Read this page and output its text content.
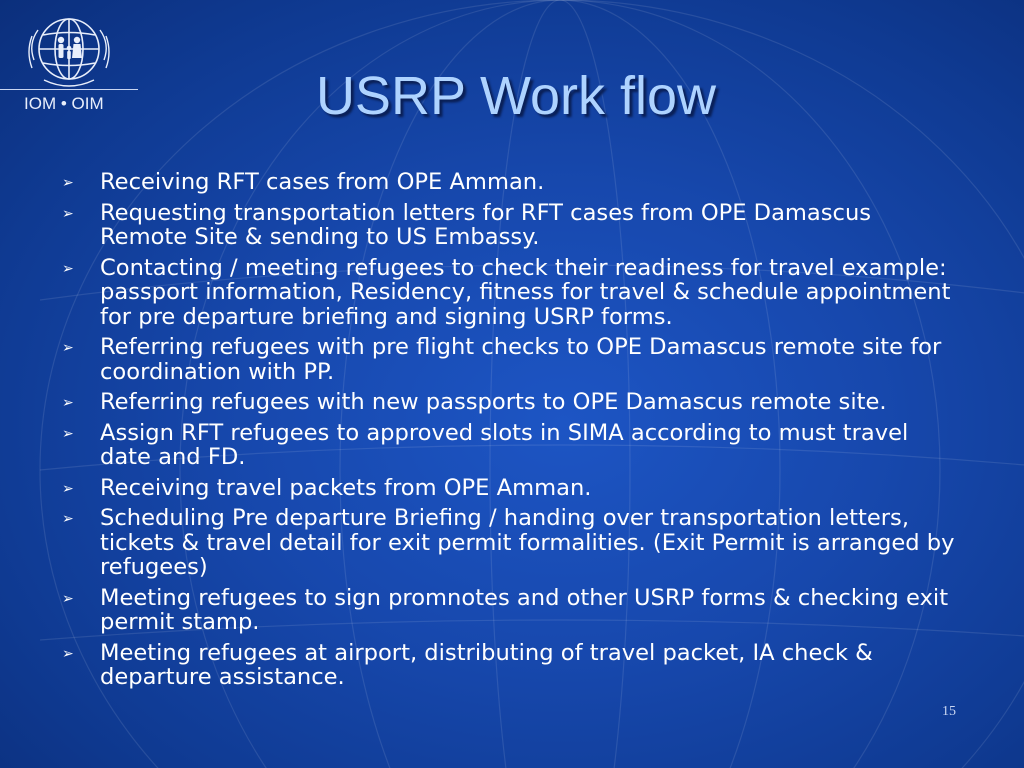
IOM • OIM	USRP Work flow
➢ Receiving RFT cases from OPE Amman.
➢ Requesting transportation letters for RFT cases from OPE Damascus Remote Site & sending to US Embassy.
➢ Contacting / meeting refugees to check their readiness for travel example: passport information, Residency, fitness for travel & schedule appointment for pre departure briefing and signing USRP forms.
➢ Referring refugees with pre flight checks to OPE Damascus remote site for coordination with PP.
➢ Referring refugees with new passports to OPE Damascus remote site.
➢ Assign RFT refugees to approved slots in SIMA according to must travel date and FD.
➢ Receiving travel packets from OPE Amman.
➢ Scheduling Pre departure Briefing / handing over transportation letters, tickets & travel detail for exit permit formalities. (Exit Permit is arranged by refugees)
➢ Meeting refugees to sign promnotes and other USRP forms & checking exit permit stamp.
➢ Meeting refugees at airport, distributing of travel packet, IA check & departure assistance.
15
